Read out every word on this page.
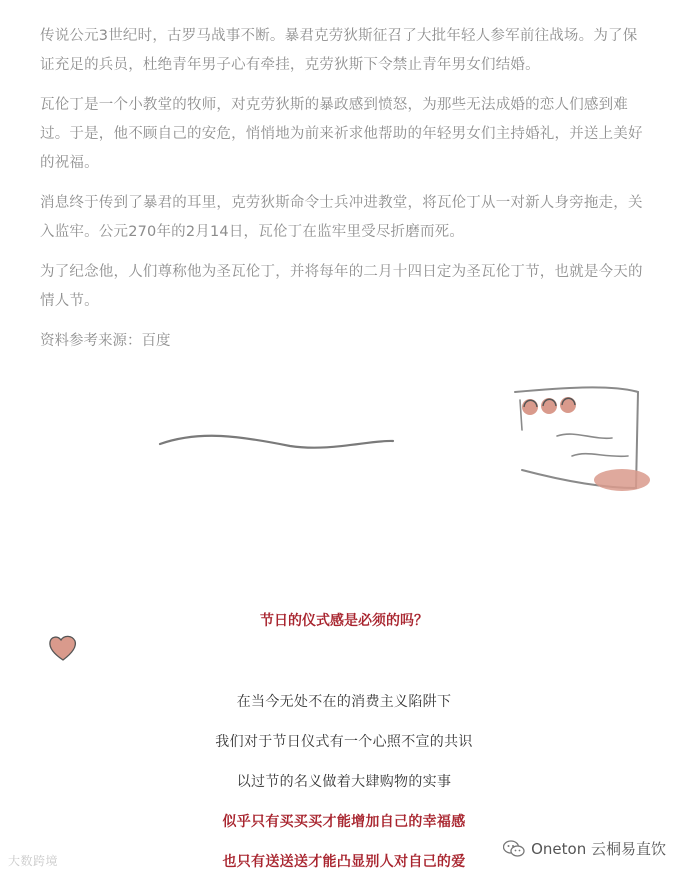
传说公元3世纪时，古罗马战事不断。暴君克劳狄斯征召了大批年轻人参军前往战场。为了保证充足的兵员，杜绝青年男子心有牵挂，克劳狄斯下令禁止青年男女们结婚。

瓦伦丁是一个小教堂的牧师，对克劳狄斯的暴政感到愤怒，为那些无法成婚的恋人们感到难过。于是，他不顾自己的安危，悄悄地为前来祈求他帮助的年轻男女们主持婚礼，并送上美好的祝福。

消息终于传到了暴君的耳里，克劳狄斯命令士兵冲进教堂，将瓦伦丁从一对新人身旁拖走，关入监牢。公元270年的2月14日，瓦伦丁在监牢里受尽折磨而死。

为了纪念他，人们尊称他为圣瓦伦丁，并将每年的二月十四日定为圣瓦伦丁节，也就是今天的情人节。

资料参考来源：百度

节日的仪式感是必须的吗？
在当今无处不在的消费主义陷阱下
我们对于节日仪式有一个心照不宣的共识
以过节的名义做着大肆购物的实事
似乎只有买买买才能增加自己的幸福感
也只有送送送才能凸显别人对自己的爱
大数跨境
Oneton 云桐易直饮
